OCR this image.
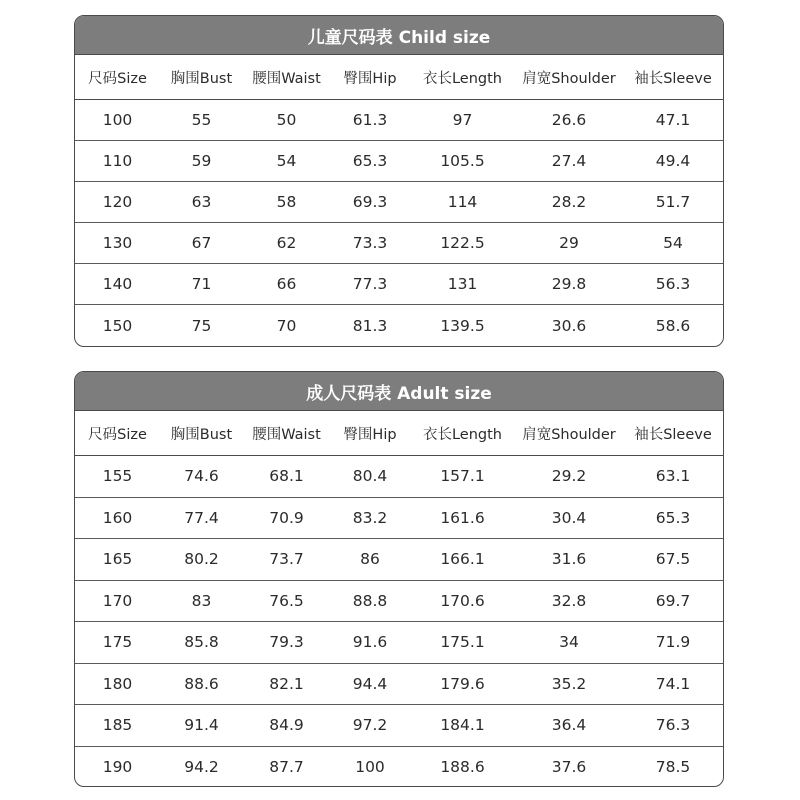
儿童尺码表 Child size
尺码Size	胸围Bust	腰围Waist	臀围Hip	衣长Length	肩宽Shoulder	袖长Sleeve
100	55	50	61.3	97	26.6	47.1
110	59	54	65.3	105.5	27.4	49.4
120	63	58	69.3	114	28.2	51.7
130	67	62	73.3	122.5	29	54
140	71	66	77.3	131	29.8	56.3
150	75	70	81.3	139.5	30.6	58.6
成人尺码表 Adult size
尺码Size	胸围Bust	腰围Waist	臀围Hip	衣长Length	肩宽Shoulder	袖长Sleeve
155	74.6	68.1	80.4	157.1	29.2	63.1
160	77.4	70.9	83.2	161.6	30.4	65.3
165	80.2	73.7	86	166.1	31.6	67.5
170	83	76.5	88.8	170.6	32.8	69.7
175	85.8	79.3	91.6	175.1	34	71.9
180	88.6	82.1	94.4	179.6	35.2	74.1
185	91.4	84.9	97.2	184.1	36.4	76.3
190	94.2	87.7	100	188.6	37.6	78.5
